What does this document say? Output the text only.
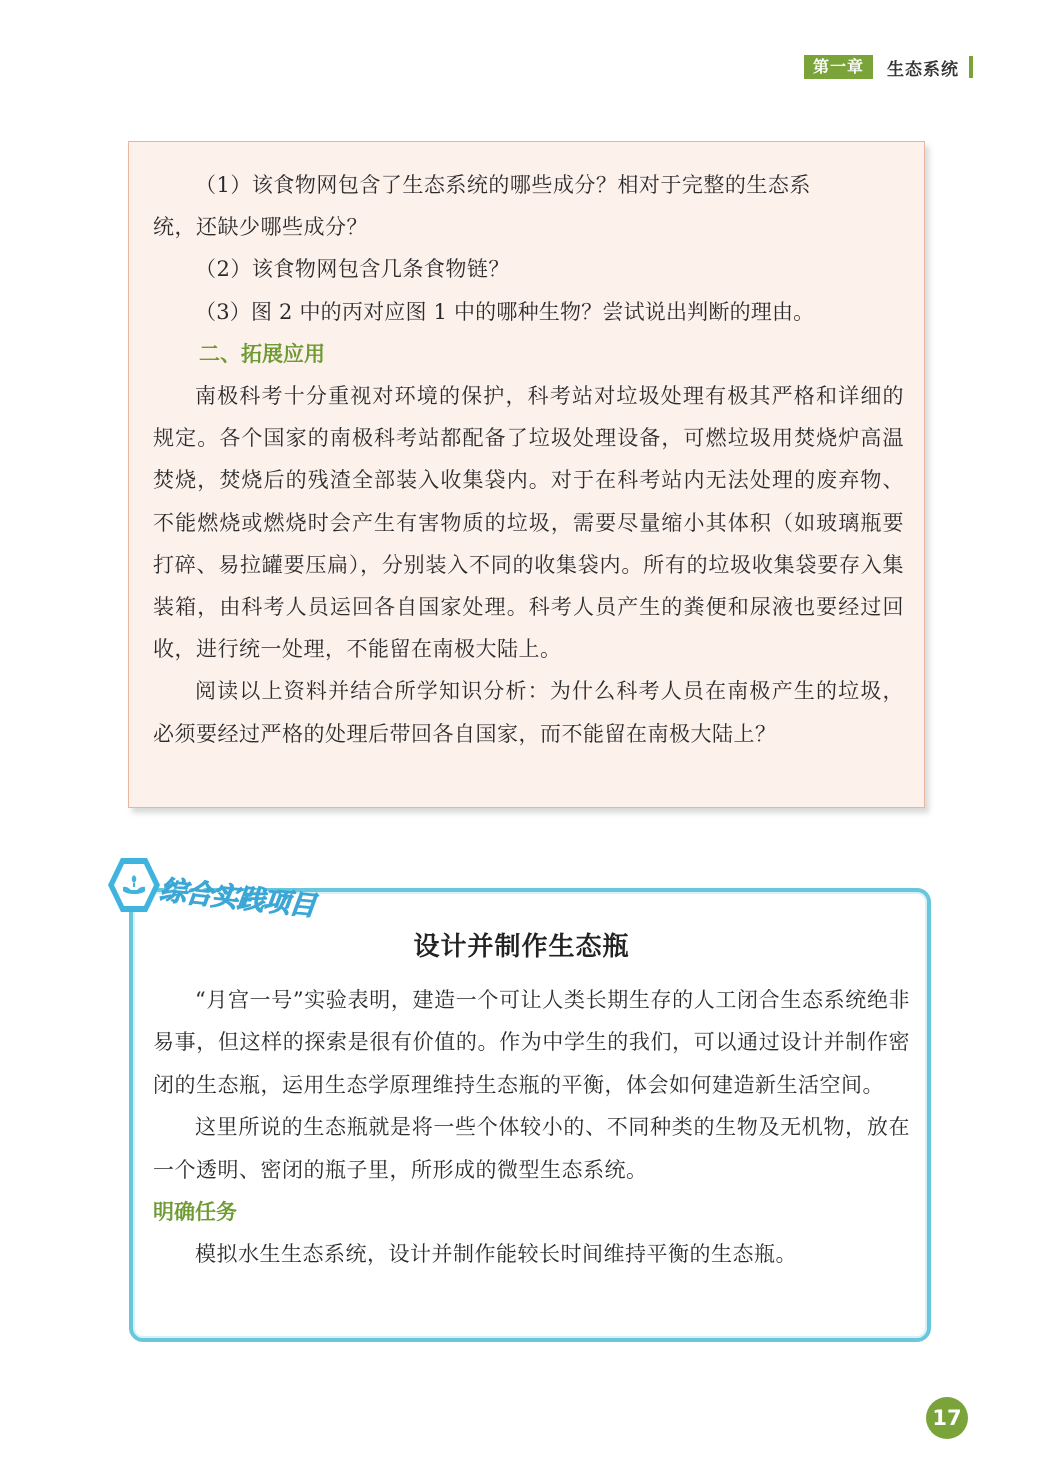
第一章	生态系统

（1）该食物网包含了生态系统的哪些成分？相对于完整的生态系

统，还缺少哪些成分？

（2）该食物网包含几条食物链？

（3）图 2 中的丙对应图 1 中的哪种生物？尝试说出判断的理由。

二、拓展应用

南极科考十分重视对环境的保护，科考站对垃圾处理有极其严格和详细的规定。各个国家的南极科考站都配备了垃圾处理设备，可燃垃圾用焚烧炉高温焚烧，焚烧后的残渣全部装入收集袋内。对于在科考站内无法处理的废弃物、不能燃烧或燃烧时会产生有害物质的垃圾，需要尽量缩小其体积（如玻璃瓶要打碎、易拉罐要压扁），分别装入不同的收集袋内。所有的垃圾收集袋要存入集装箱，由科考人员运回各自国家处理。科考人员产生的粪便和尿液也要经过回收，进行统一处理，不能留在南极大陆上。

阅读以上资料并结合所学知识分析：为什么科考人员在南极产生的垃圾，必须要经过严格的处理后带回各自国家，而不能留在南极大陆上？

综合实践项目
设计并制作生态瓶

“月宫一号”实验表明，建造一个可让人类长期生存的人工闭合生态系统绝非易事，但这样的探索是很有价值的。作为中学生的我们，可以通过设计并制作密闭的生态瓶，运用生态学原理维持生态瓶的平衡，体会如何建造新生活空间。

这里所说的生态瓶就是将一些个体较小的、不同种类的生物及无机物，放在一个透明、密闭的瓶子里，所形成的微型生态系统。

明确任务

模拟水生生态系统，设计并制作能较长时间维持平衡的生态瓶。

17
